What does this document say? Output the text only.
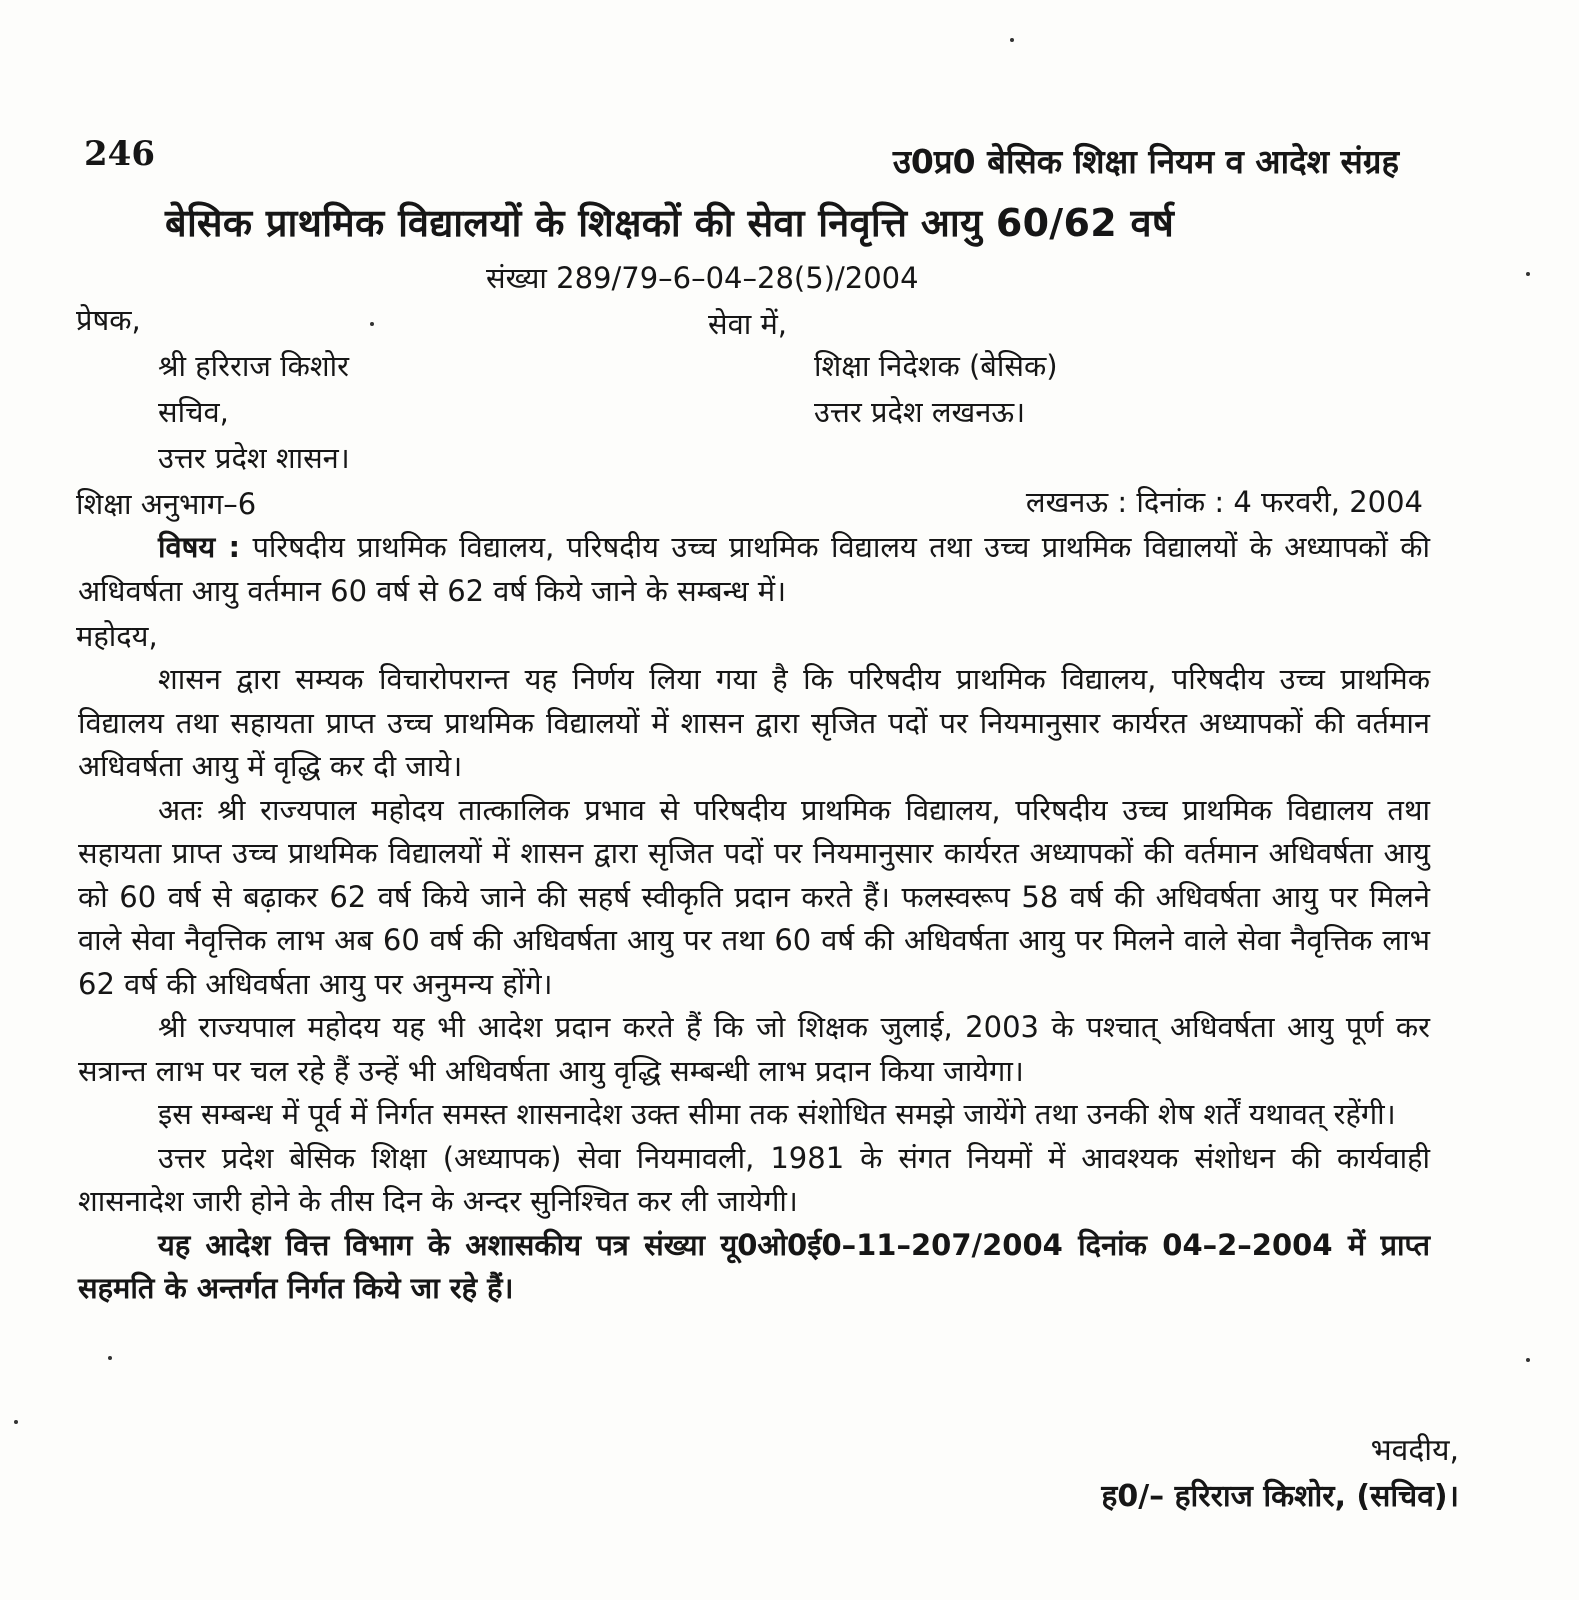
246	उ0प्र0 बेसिक शिक्षा नियम व आदेश संग्रह
बेसिक प्राथमिक विद्यालयों के शिक्षकों की सेवा निवृत्ति आयु 60/62 वर्ष
संख्या 289/79–6–04–28(5)/2004
प्रेषक,
श्री हरिराज किशोर
सचिव,
उत्तर प्रदेश शासन।
सेवा में,
शिक्षा निदेशक (बेसिक)
उत्तर प्रदेश लखनऊ।
शिक्षा अनुभाग–6	लखनऊ : दिनांक : 4 फरवरी, 2004

विषय : परिषदीय प्राथमिक विद्यालय, परिषदीय उच्च प्राथमिक विद्यालय तथा उच्च प्राथमिक विद्यालयों के अध्यापकों की अधिवर्षता आयु वर्तमान 60 वर्ष से 62 वर्ष किये जाने के सम्बन्ध में।

महोदय,

शासन द्वारा सम्यक विचारोपरान्त यह निर्णय लिया गया है कि परिषदीय प्राथमिक विद्यालय, परिषदीय उच्च प्राथमिक विद्यालय तथा सहायता प्राप्त उच्च प्राथमिक विद्यालयों में शासन द्वारा सृजित पदों पर नियमानुसार कार्यरत अध्यापकों की वर्तमान अधिवर्षता आयु में वृद्धि कर दी जाये।

अतः श्री राज्यपाल महोदय तात्कालिक प्रभाव से परिषदीय प्राथमिक विद्यालय, परिषदीय उच्च प्राथमिक विद्यालय तथा सहायता प्राप्त उच्च प्राथमिक विद्यालयों में शासन द्वारा सृजित पदों पर नियमानुसार कार्यरत अध्यापकों की वर्तमान अधिवर्षता आयु को 60 वर्ष से बढ़ाकर 62 वर्ष किये जाने की सहर्ष स्वीकृति प्रदान करते हैं। फलस्वरूप 58 वर्ष की अधिवर्षता आयु पर मिलने वाले सेवा नैवृत्तिक लाभ अब 60 वर्ष की अधिवर्षता आयु पर तथा 60 वर्ष की अधिवर्षता आयु पर मिलने वाले सेवा नैवृत्तिक लाभ 62 वर्ष की अधिवर्षता आयु पर अनुमन्य होंगे।

श्री राज्यपाल महोदय यह भी आदेश प्रदान करते हैं कि जो शिक्षक जुलाई, 2003 के पश्चात् अधिवर्षता आयु पूर्ण कर सत्रान्त लाभ पर चल रहे हैं उन्हें भी अधिवर्षता आयु वृद्धि सम्बन्धी लाभ प्रदान किया जायेगा।

इस सम्बन्ध में पूर्व में निर्गत समस्त शासनादेश उक्त सीमा तक संशोधित समझे जायेंगे तथा उनकी शेष शर्तें यथावत् रहेंगी।

उत्तर प्रदेश बेसिक शिक्षा (अध्यापक) सेवा नियमावली, 1981 के संगत नियमों में आवश्यक संशोधन की कार्यवाही शासनादेश जारी होने के तीस दिन के अन्दर सुनिश्चित कर ली जायेगी।

यह आदेश वित्त विभाग के अशासकीय पत्र संख्या यू0ओ0ई0–11–207/2004 दिनांक 04–2–2004 में प्राप्त सहमति के अन्तर्गत निर्गत किये जा रहे हैं।

भवदीय,
ह0/– हरिराज किशोर, (सचिव)।
